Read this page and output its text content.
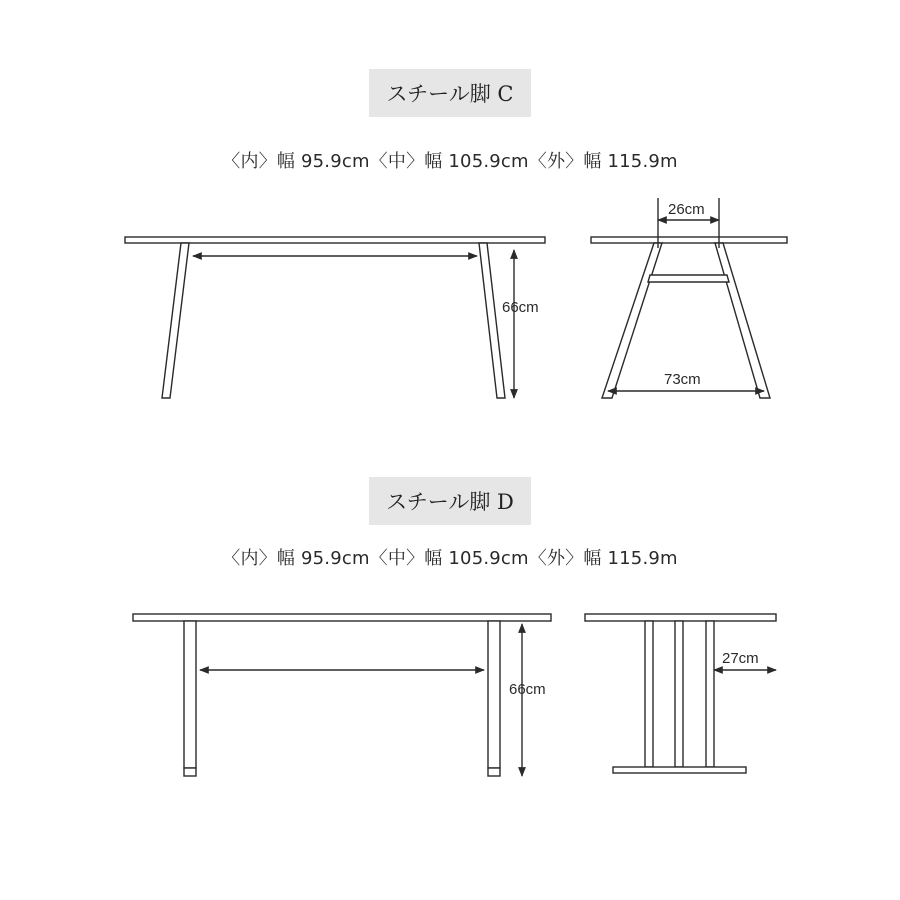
スチール脚 C
〈内〉幅 95.9cm〈中〉幅 105.9cm〈外〉幅 115.9m
66cm
26cm
73cm
66cm
27cm
スチール脚 D
〈内〉幅 95.9cm〈中〉幅 105.9cm〈外〉幅 115.9m
